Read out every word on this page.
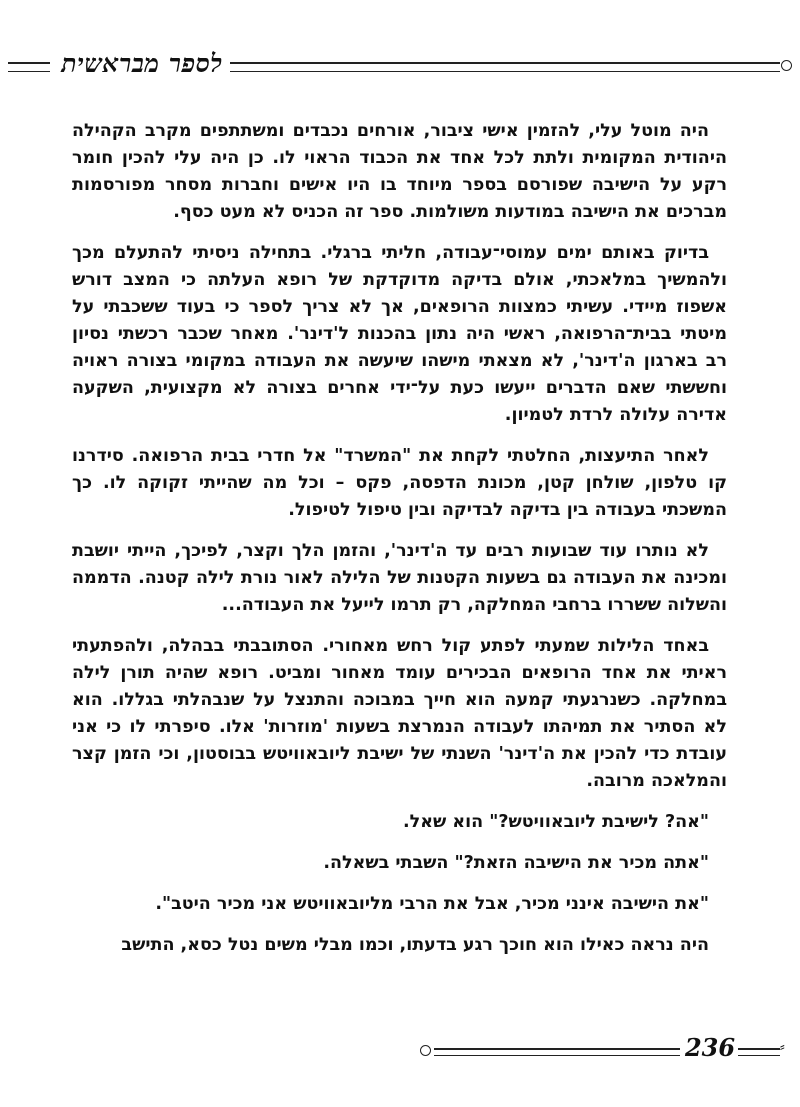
לספר מבראשית

היה מוטל עלי, להזמין אישי ציבור, אורחים נכבדים ומשתתפים מקרב הקהילה היהודית המקומית ולתת לכל אחד את הכבוד הראוי לו. כן היה עלי להכין חומר רקע על הישיבה שפורסם בספר מיוחד בו היו אישים וחברות מסחר מפורסמות מברכים את הישיבה במודעות משולמות. ספר זה הכניס לא מעט כסף.

בדיוק באותם ימים עמוסי־עבודה, חליתי ברגלי. בתחילה ניסיתי להתעלם מכך ולהמשיך במלאכתי, אולם בדיקה מדוקדקת של רופא העלתה כי המצב דורש אשפוז מיידי. עשיתי כמצוות הרופאים, אך לא צריך לספר כי בעוד ששכבתי על מיטתי בבית־הרפואה, ראשי היה נתון בהכנות ל'דינר'. מאחר שכבר רכשתי נסיון רב בארגון ה'דינר', לא מצאתי מישהו שיעשה את העבודה במקומי בצורה ראויה וחששתי שאם הדברים ייעשו כעת על־ידי אחרים בצורה לא מקצועית, השקעה אדירה עלולה לרדת לטמיון.

לאחר התיעצות, החלטתי לקחת את "המשרד" אל חדרי בבית הרפואה. סידרנו קו טלפון, שולחן קטן, מכונת הדפסה, פקס – וכל מה שהייתי זקוקה לו. כך המשכתי בעבודה בין בדיקה לבדיקה ובין טיפול לטיפול.

לא נותרו עוד שבועות רבים עד ה'דינר', והזמן הלך וקצר, לפיכך, הייתי יושבת ומכינה את העבודה גם בשעות הקטנות של הלילה לאור נורת לילה קטנה. הדממה והשלוה ששררו ברחבי המחלקה, רק תרמו לייעל את העבודה...

באחד הלילות שמעתי לפתע קול רחש מאחורי. הסתובבתי בבהלה, ולהפתעתי ראיתי את אחד הרופאים הבכירים עומד מאחור ומביט. רופא שהיה תורן לילה במחלקה. כשנרגעתי קמעה הוא חייך במבוכה והתנצל על שנבהלתי בגללו. הוא לא הסתיר את תמיהתו לעבודה הנמרצת בשעות 'מוזרות' אלו. סיפרתי לו כי אני עובדת כדי להכין את ה'דינר' השנתי של ישיבת ליובאוויטש בבוסטון, וכי הזמן קצר והמלאכה מרובה.

"אה? לישיבת ליובאוויטש?" הוא שאל.

"אתה מכיר את הישיבה הזאת?" השבתי בשאלה.

"את הישיבה אינני מכיר, אבל את הרבי מליובאוויטש אני מכיר היטב".

היה נראה כאילו הוא חוכך רגע בדעתו, וכמו מבלי משים נטל כסא, התישב

236	⸗
